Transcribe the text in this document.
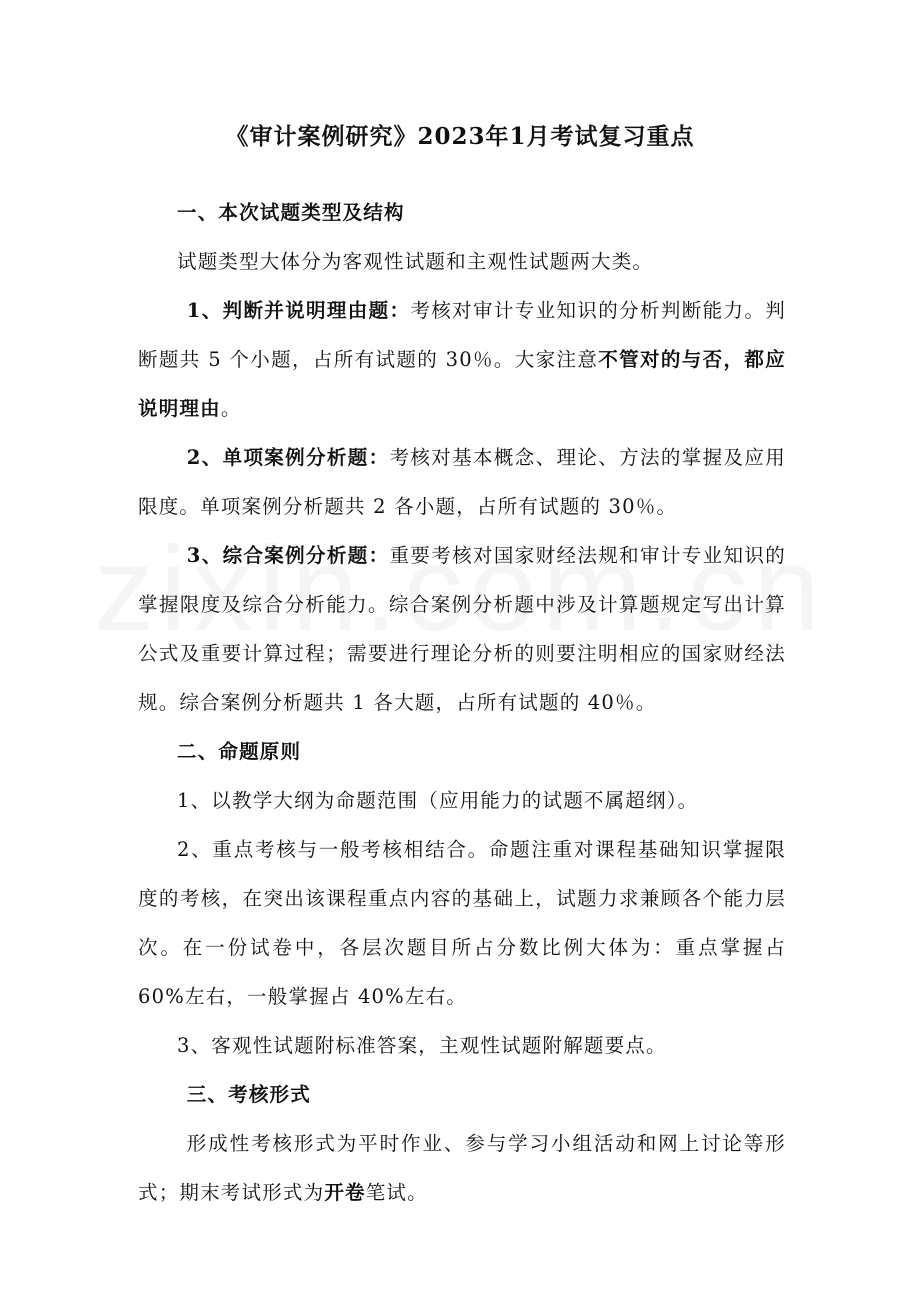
《审计案例研究》2023年1月考试复习重点

一、本次试题类型及结构

试题类型大体分为客观性试题和主观性试题两大类。

1、判断并说明理由题：考核对审计专业知识的分析判断能力。判断题共 5 个小题，占所有试题的 30％。大家注意不管对的与否，都应说明理由。

2、单项案例分析题：考核对基本概念、理论、方法的掌握及应用限度。单项案例分析题共 2 各小题，占所有试题的 30％。

3、综合案例分析题：重要考核对国家财经法规和审计专业知识的掌握限度及综合分析能力。综合案例分析题中涉及计算题规定写出计算公式及重要计算过程；需要进行理论分析的则要注明相应的国家财经法规。综合案例分析题共 1 各大题，占所有试题的 40％。

二、命题原则

1、以教学大纲为命题范围（应用能力的试题不属超纲）。

2、重点考核与一般考核相结合。命题注重对课程基础知识掌握限度的考核，在突出该课程重点内容的基础上，试题力求兼顾各个能力层次。在一份试卷中，各层次题目所占分数比例大体为：重点掌握占 60%左右，一般掌握占 40%左右。

3、客观性试题附标准答案，主观性试题附解题要点。

三、考核形式

形成性考核形式为平时作业、参与学习小组活动和网上讨论等形式；期末考试形式为开卷笔试。
